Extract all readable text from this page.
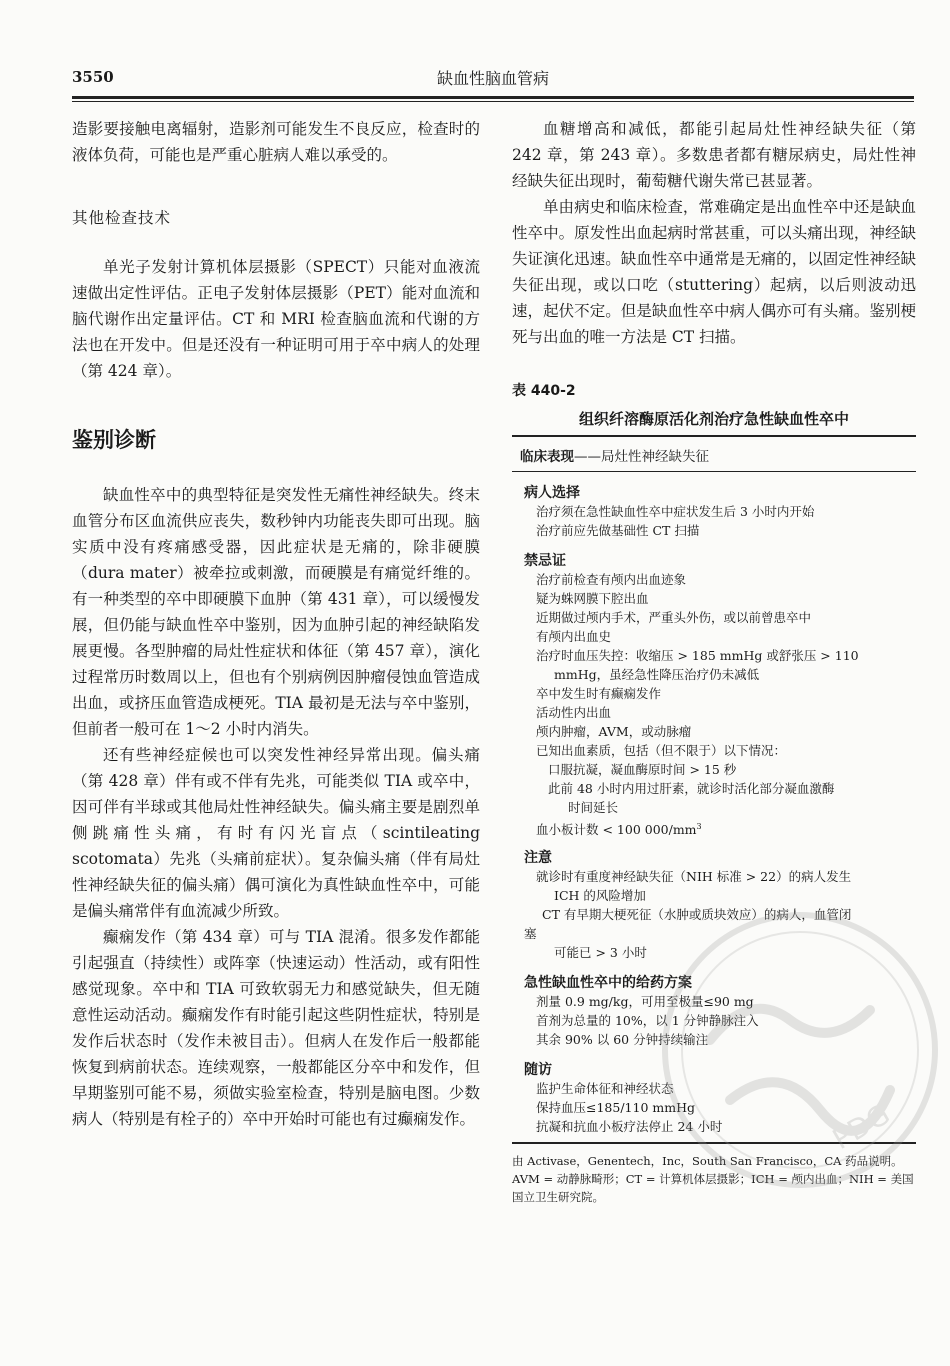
3550	缺血性脑血管病

造影要接触电离辐射，造影剂可能发生不良反应，检查时的液体负荷，可能也是严重心脏病人难以承受的。

其他检查技术

单光子发射计算机体层摄影（SPECT）只能对血液流速做出定性评估。正电子发射体层摄影（PET）能对血流和脑代谢作出定量评估。CT 和 MRI 检查脑血流和代谢的方法也在开发中。但是还没有一种证明可用于卒中病人的处理（第 424 章）。

鉴别诊断

缺血性卒中的典型特征是突发性无痛性神经缺失。终末血管分布区血流供应丧失，数秒钟内功能丧失即可出现。脑实质中没有疼痛感受器，因此症状是无痛的，除非硬膜（dura mater）被牵拉或刺激，而硬膜是有痛觉纤维的。有一种类型的卒中即硬膜下血肿（第 431 章），可以缓慢发展，但仍能与缺血性卒中鉴别，因为血肿引起的神经缺陷发展更慢。各型肿瘤的局灶性症状和体征（第 457 章），演化过程常历时数周以上，但也有个别病例因肿瘤侵蚀血管造成出血，或挤压血管造成梗死。TIA 最初是无法与卒中鉴别，但前者一般可在 1～2 小时内消失。

还有些神经症候也可以突发性神经异常出现。偏头痛（第 428 章）伴有或不伴有先兆，可能类似 TIA 或卒中，因可伴有半球或其他局灶性神经缺失。偏头痛主要是剧烈单侧跳痛性头痛，有时有闪光盲点（scintileating scotomata）先兆（头痛前症状）。复杂偏头痛（伴有局灶性神经缺失征的偏头痛）偶可演化为真性缺血性卒中，可能是偏头痛常伴有血流减少所致。

癫痫发作（第 434 章）可与 TIA 混淆。很多发作都能引起强直（持续性）或阵挛（快速运动）性活动，或有阳性感觉现象。卒中和 TIA 可致软弱无力和感觉缺失，但无随意性运动活动。癫痫发作有时能引起这些阴性症状，特别是发作后状态时（发作未被目击）。但病人在发作后一般都能恢复到病前状态。连续观察，一般都能区分卒中和发作，但早期鉴别可能不易，须做实验室检查，特别是脑电图。少数病人（特别是有栓子的）卒中开始时可能也有过癫痫发作。

血糖增高和减低，都能引起局灶性神经缺失征（第 242 章，第 243 章）。多数患者都有糖尿病史，局灶性神经缺失征出现时，葡萄糖代谢失常已甚显著。

单由病史和临床检查，常难确定是出血性卒中还是缺血性卒中。原发性出血起病时常甚重，可以头痛出现，神经缺失证演化迅速。缺血性卒中通常是无痛的，以固定性神经缺失征出现，或以口吃（stuttering）起病，以后则波动迅速，起伏不定。但是缺血性卒中病人偶亦可有头痛。鉴别梗死与出血的唯一方法是 CT 扫描。

表 440-2
组织纤溶酶原活化剂治疗急性缺血性卒中
临床表现——局灶性神经缺失征

病人选择

治疗须在急性缺血性卒中症状发生后 3 小时内开始

治疗前应先做基础性 CT 扫描

禁忌证

治疗前检查有颅内出血迹象

疑为蛛网膜下腔出血

近期做过颅内手术，严重头外伤，或以前曾患卒中

有颅内出血史

治疗时血压失控：收缩压 > 185 mmHg 或舒张压 > 110

mmHg，虽经急性降压治疗仍未减低

卒中发生时有癫痫发作

活动性内出血

颅内肿瘤，AVM，或动脉瘤

已知出血素质，包括（但不限于）以下情况：

口服抗凝，凝血酶原时间 > 15 秒

此前 48 小时内用过肝素，就诊时活化部分凝血激酶

时间延长

血小板计数 < 100 $000/mm^3$

注意

就诊时有重度神经缺失征（NIH 标准 > 22）的病人发生

ICH 的风险增加

CT 有早期大梗死征（水肿或质块效应）的病人，血管闭

塞

可能已 > 3 小时

急性缺血性卒中的给药方案

剂量 0.9 mg/kg，可用至极量≤90 mg

首剂为总量的 10%，以 1 分钟静脉注入

其余 90% 以 60 分钟持续输注

随访

监护生命体征和神经状态

保持血压≤185/110 mmHg

抗凝和抗血小板疗法停止 24 小时

由 Activase，Genentech，Inc，South San Francisco，CA 药品说明。AVM = 动静脉畸形；CT = 计算机体层摄影；ICH = 颅内出血；NIH = 美国国立卫生研究院。

PDG
